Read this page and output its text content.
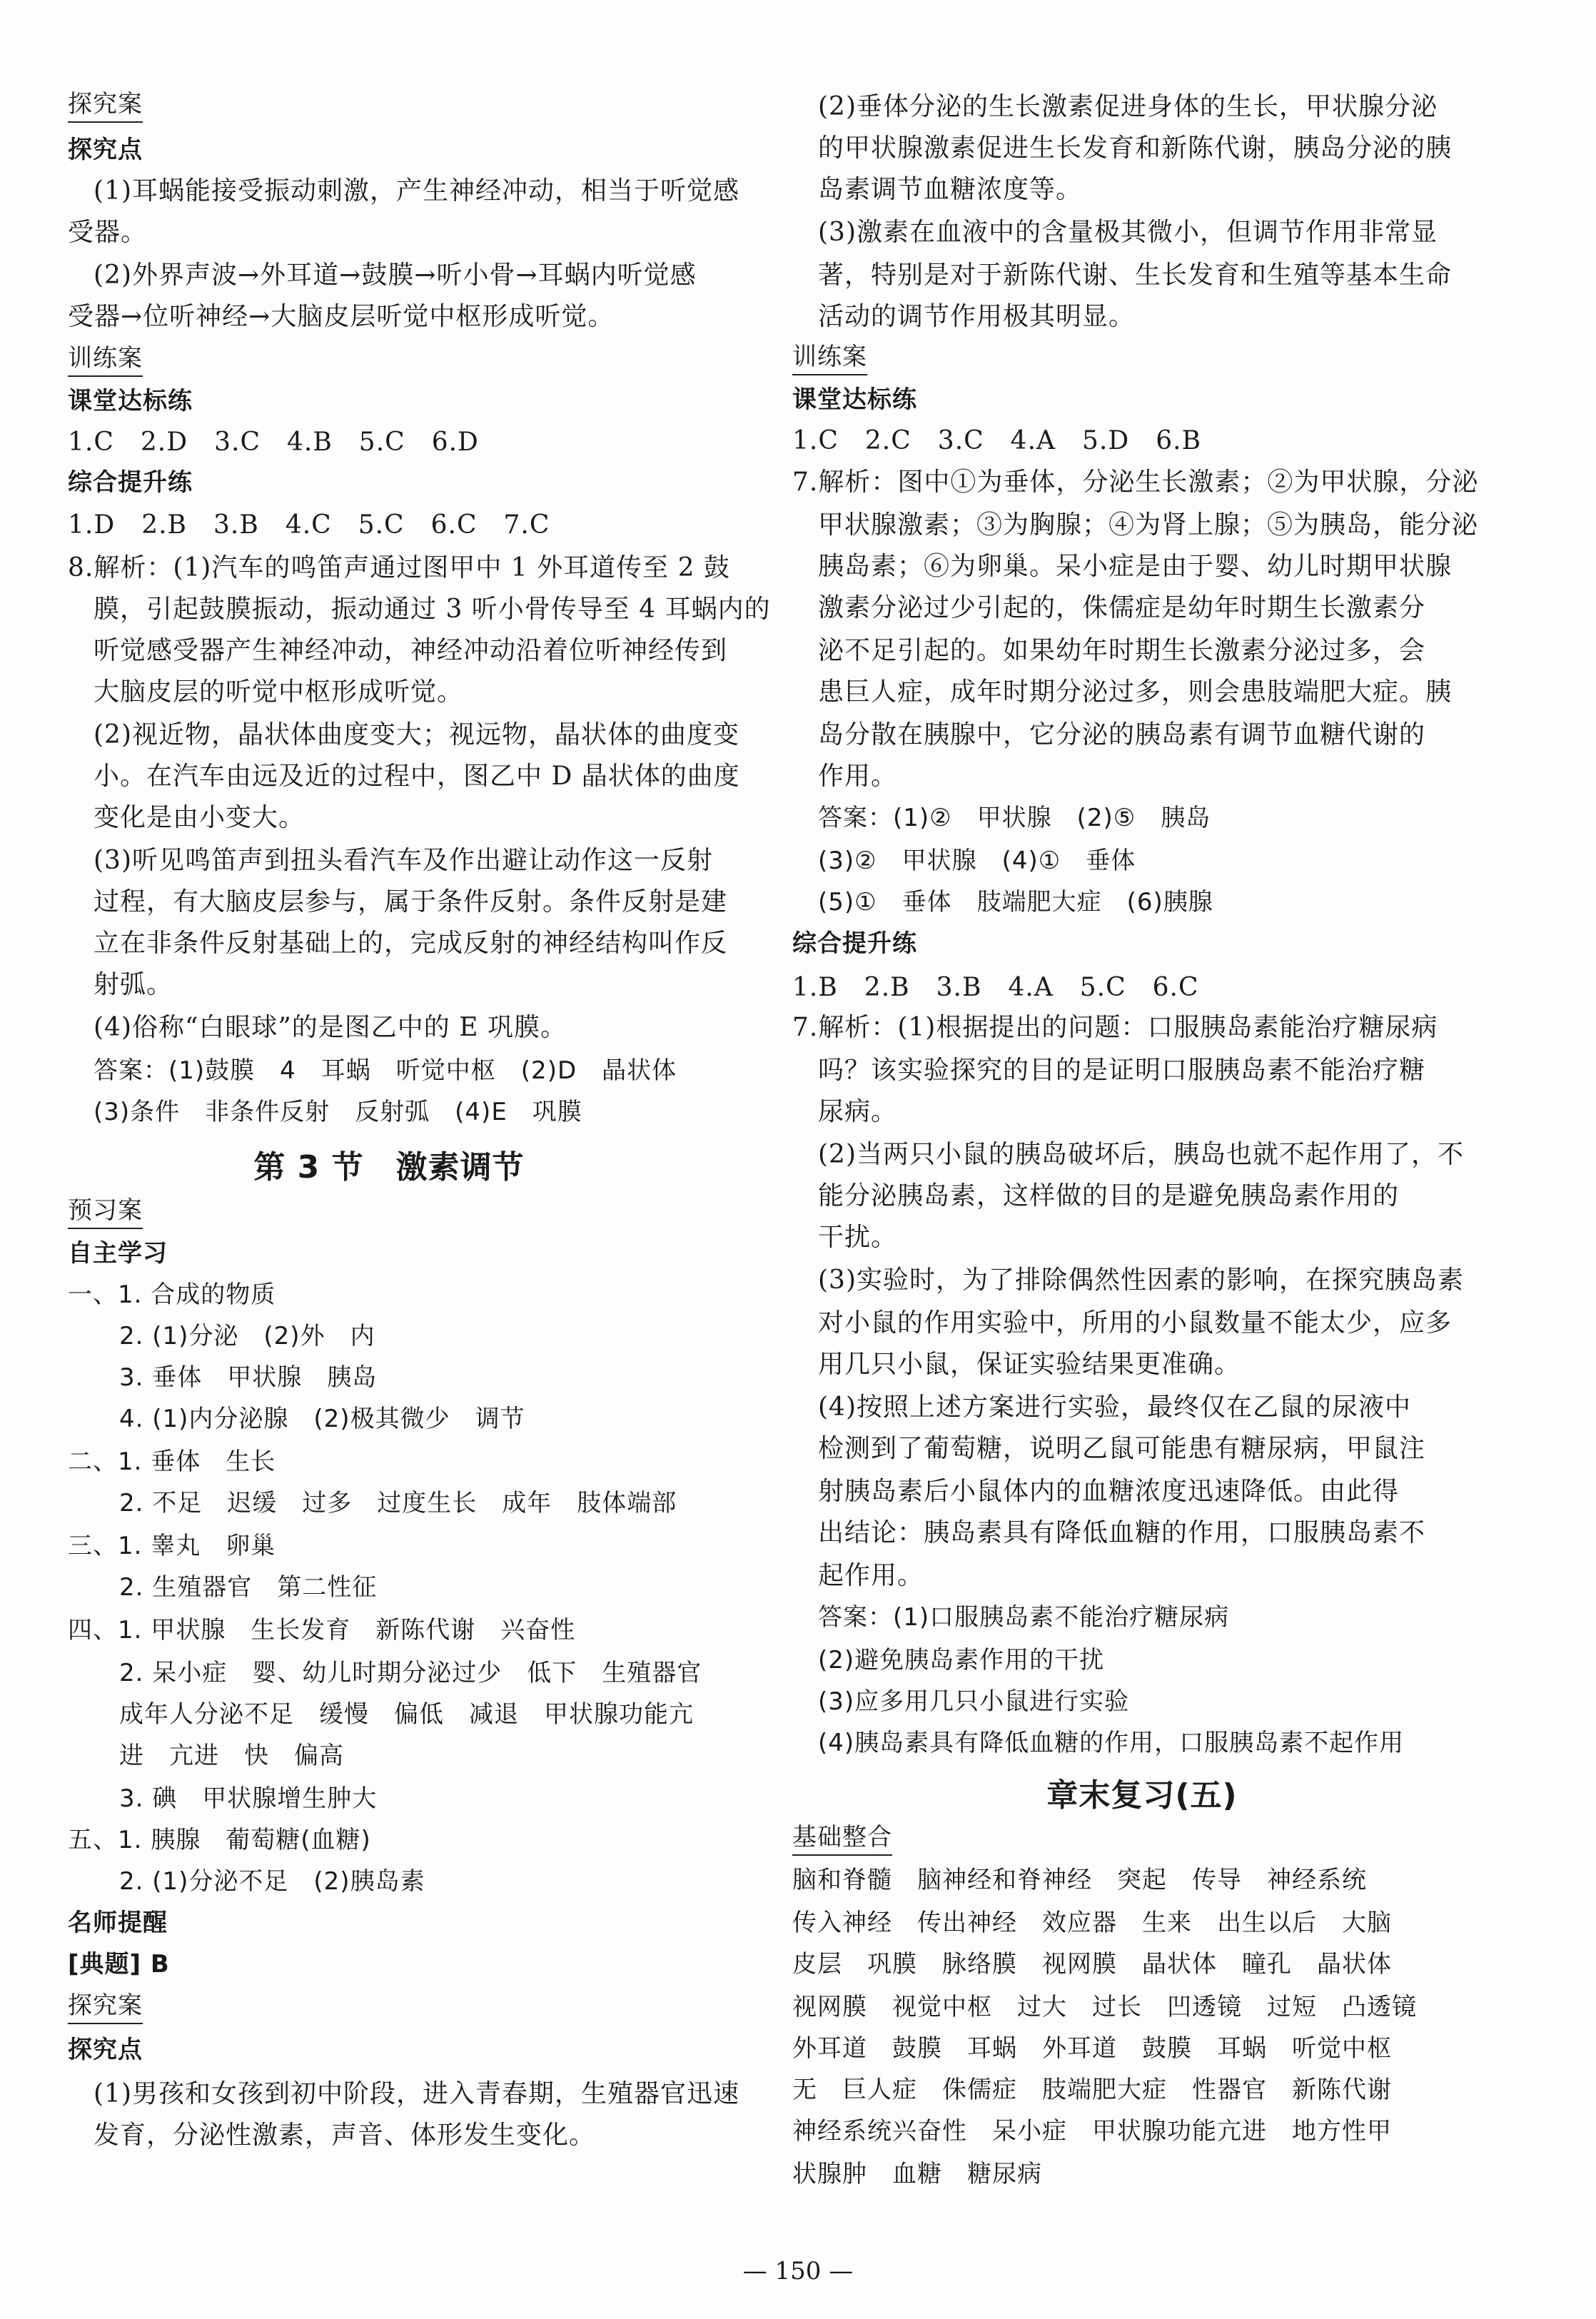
探究案
探究点
(1)耳蜗能接受振动刺激，产生神经冲动，相当于听觉感
受器。
(2)外界声波→外耳道→鼓膜→听小骨→耳蜗内听觉感
受器→位听神经→大脑皮层听觉中枢形成听觉。
训练案
课堂达标练
1.C　2.D　3.C　4.B　5.C　6.D
综合提升练
1.D　2.B　3.B　4.C　5.C　6.C　7.C
8.解析：(1)汽车的鸣笛声通过图甲中 1 外耳道传至 2 鼓
膜，引起鼓膜振动，振动通过 3 听小骨传导至 4 耳蜗内的
听觉感受器产生神经冲动，神经冲动沿着位听神经传到
大脑皮层的听觉中枢形成听觉。
(2)视近物，晶状体曲度变大；视远物，晶状体的曲度变
小。在汽车由远及近的过程中，图乙中 D 晶状体的曲度
变化是由小变大。
(3)听见鸣笛声到扭头看汽车及作出避让动作这一反射
过程，有大脑皮层参与，属于条件反射。条件反射是建
立在非条件反射基础上的，完成反射的神经结构叫作反
射弧。
(4)俗称“白眼球”的是图乙中的 E 巩膜。
答案：(1)鼓膜　4　耳蜗　听觉中枢　(2)D　晶状体
(3)条件　非条件反射　反射弧　(4)E　巩膜
第 3 节　激素调节
预习案
自主学习
一、1. 合成的物质
2. (1)分泌　(2)外　内
3. 垂体　甲状腺　胰岛
4. (1)内分泌腺　(2)极其微少　调节
二、1. 垂体　生长
2. 不足　迟缓　过多　过度生长　成年　肢体端部
三、1. 睾丸　卵巢
2. 生殖器官　第二性征
四、1. 甲状腺　生长发育　新陈代谢　兴奋性
2. 呆小症　婴、幼儿时期分泌过少　低下　生殖器官
成年人分泌不足　缓慢　偏低　减退　甲状腺功能亢
进　亢进　快　偏高
3. 碘　甲状腺增生肿大
五、1. 胰腺　葡萄糖(血糖)
2. (1)分泌不足　(2)胰岛素
名师提醒
[典题] B
探究案
探究点
(1)男孩和女孩到初中阶段，进入青春期，生殖器官迅速
发育，分泌性激素，声音、体形发生变化。
(2)垂体分泌的生长激素促进身体的生长，甲状腺分泌
的甲状腺激素促进生长发育和新陈代谢，胰岛分泌的胰
岛素调节血糖浓度等。
(3)激素在血液中的含量极其微小，但调节作用非常显
著，特别是对于新陈代谢、生长发育和生殖等基本生命
活动的调节作用极其明显。
训练案
课堂达标练
1.C　2.C　3.C　4.A　5.D　6.B
7.解析：图中①为垂体，分泌生长激素；②为甲状腺，分泌
甲状腺激素；③为胸腺；④为肾上腺；⑤为胰岛，能分泌
胰岛素；⑥为卵巢。呆小症是由于婴、幼儿时期甲状腺
激素分泌过少引起的，侏儒症是幼年时期生长激素分
泌不足引起的。如果幼年时期生长激素分泌过多，会
患巨人症，成年时期分泌过多，则会患肢端肥大症。胰
岛分散在胰腺中，它分泌的胰岛素有调节血糖代谢的
作用。
答案：(1)②　甲状腺　(2)⑤　胰岛
(3)②　甲状腺　(4)①　垂体
(5)①　垂体　肢端肥大症　(6)胰腺
综合提升练
1.B　2.B　3.B　4.A　5.C　6.C
7.解析：(1)根据提出的问题：口服胰岛素能治疗糖尿病
吗？该实验探究的目的是证明口服胰岛素不能治疗糖
尿病。
(2)当两只小鼠的胰岛破坏后，胰岛也就不起作用了，不
能分泌胰岛素，这样做的目的是避免胰岛素作用的
干扰。
(3)实验时，为了排除偶然性因素的影响，在探究胰岛素
对小鼠的作用实验中，所用的小鼠数量不能太少，应多
用几只小鼠，保证实验结果更准确。
(4)按照上述方案进行实验，最终仅在乙鼠的尿液中
检测到了葡萄糖，说明乙鼠可能患有糖尿病，甲鼠注
射胰岛素后小鼠体内的血糖浓度迅速降低。由此得
出结论：胰岛素具有降低血糖的作用，口服胰岛素不
起作用。
答案：(1)口服胰岛素不能治疗糖尿病
(2)避免胰岛素作用的干扰
(3)应多用几只小鼠进行实验
(4)胰岛素具有降低血糖的作用，口服胰岛素不起作用
章末复习(五)
基础整合
脑和脊髓　脑神经和脊神经　突起　传导　神经系统
传入神经　传出神经　效应器　生来　出生以后　大脑
皮层　巩膜　脉络膜　视网膜　晶状体　瞳孔　晶状体
视网膜　视觉中枢　过大　过长　凹透镜　过短　凸透镜
外耳道　鼓膜　耳蜗　外耳道　鼓膜　耳蜗　听觉中枢
无　巨人症　侏儒症　肢端肥大症　性器官　新陈代谢
神经系统兴奋性　呆小症　甲状腺功能亢进　地方性甲
状腺肿　血糖　糖尿病
— 150 —
